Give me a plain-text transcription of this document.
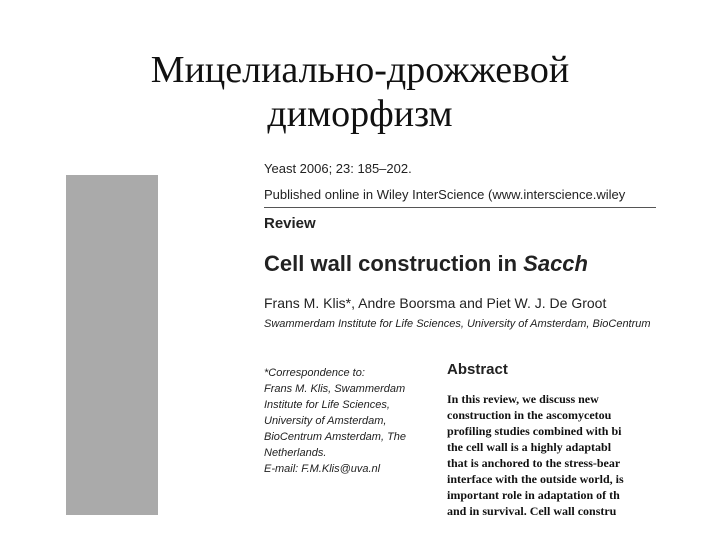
Мицелиально-дрожжевой
диморфизм
Yeast 2006; 23: 185–202.
Published online in Wiley InterScience (www.interscience.wiley
Review
Cell wall construction in Sacch
Frans M. Klis*, Andre Boorsma and Piet W. J. De Groot
Swammerdam Institute for Life Sciences, University of Amsterdam, BioCentrum
*Correspondence to:
Frans M. Klis, Swammerdam
Institute for Life Sciences,
University of Amsterdam,
BioCentrum Amsterdam, The
Netherlands.
E-mail: F.M.Klis@uva.nl
Abstract
In this review, we discuss new
construction in the ascomycetou
profiling studies combined with bi
the cell wall is a highly adaptabl
that is anchored to the stress-bear
interface with the outside world, is
important role in adaptation of th
and in survival. Cell wall constru
